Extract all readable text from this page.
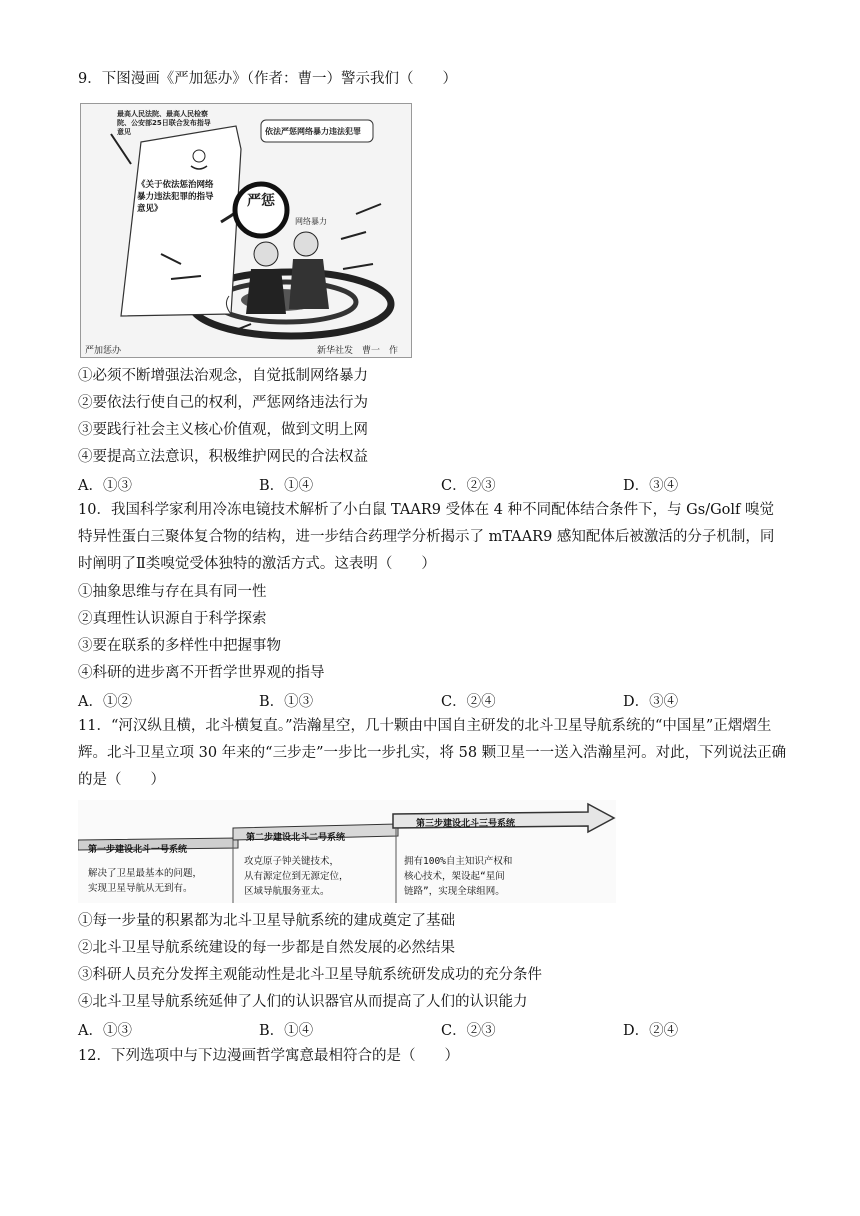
9．下图漫画《严加惩办》（作者：曹一）警示我们（　　）
最高人民法院、最高人民检察院、公安部25日联合发布指导意见	依法严惩网络暴力违法犯罪
《关于依法惩治网络暴力违法犯罪的指导意见》	严惩
网络暴力
严加惩办	新华社发　曹一　作
①必须不断增强法治观念，自觉抵制网络暴力
②要依法行使自己的权利，严惩网络违法行为
③要践行社会主义核心价值观，做到文明上网
④要提高立法意识，积极维护网民的合法权益
A．①③	B．①④	C．②③	D．③④
10．我国科学家利用冷冻电镜技术解析了小白鼠 TAAR9 受体在 4 种不同配体结合条件下，与 Gs/Golf 嗅觉特异性蛋白三聚体复合物的结构，进一步结合药理学分析揭示了 mTAAR9 感知配体后被激活的分子机制，同时阐明了Ⅱ类嗅觉受体独特的激活方式。这表明（　　）
①抽象思维与存在具有同一性
②真理性认识源自于科学探索
③要在联系的多样性中把握事物
④科研的进步离不开哲学世界观的指导
A．①②	B．①③	C．②④	D．③④
11．“河汉纵且横，北斗横复直。”浩瀚星空，几十颗由中国自主研发的北斗卫星导航系统的“中国星”正熠熠生辉。北斗卫星立项 30 年来的“三步走”一步比一步扎实，将 58 颗卫星一一送入浩瀚星河。对此，下列说法正确的是（　　）
第一步建设北斗一号系统
第二步建设北斗二号系统
第三步建设北斗三号系统
解决了卫星最基本的问题，
实现卫星导航从无到有。
攻克原子钟关键技术，
从有源定位到无源定位，
区域导航服务亚太。
拥有100%自主知识产权和
核心技术，架设起“星间
链路”，实现全球组网。
①每一步量的积累都为北斗卫星导航系统的建成奠定了基础
②北斗卫星导航系统建设的每一步都是自然发展的必然结果
③科研人员充分发挥主观能动性是北斗卫星导航系统研发成功的充分条件
④北斗卫星导航系统延伸了人们的认识器官从而提高了人们的认识能力
A．①③	B．①④	C．②③	D．②④
12．下列选项中与下边漫画哲学寓意最相符合的是（　　）
